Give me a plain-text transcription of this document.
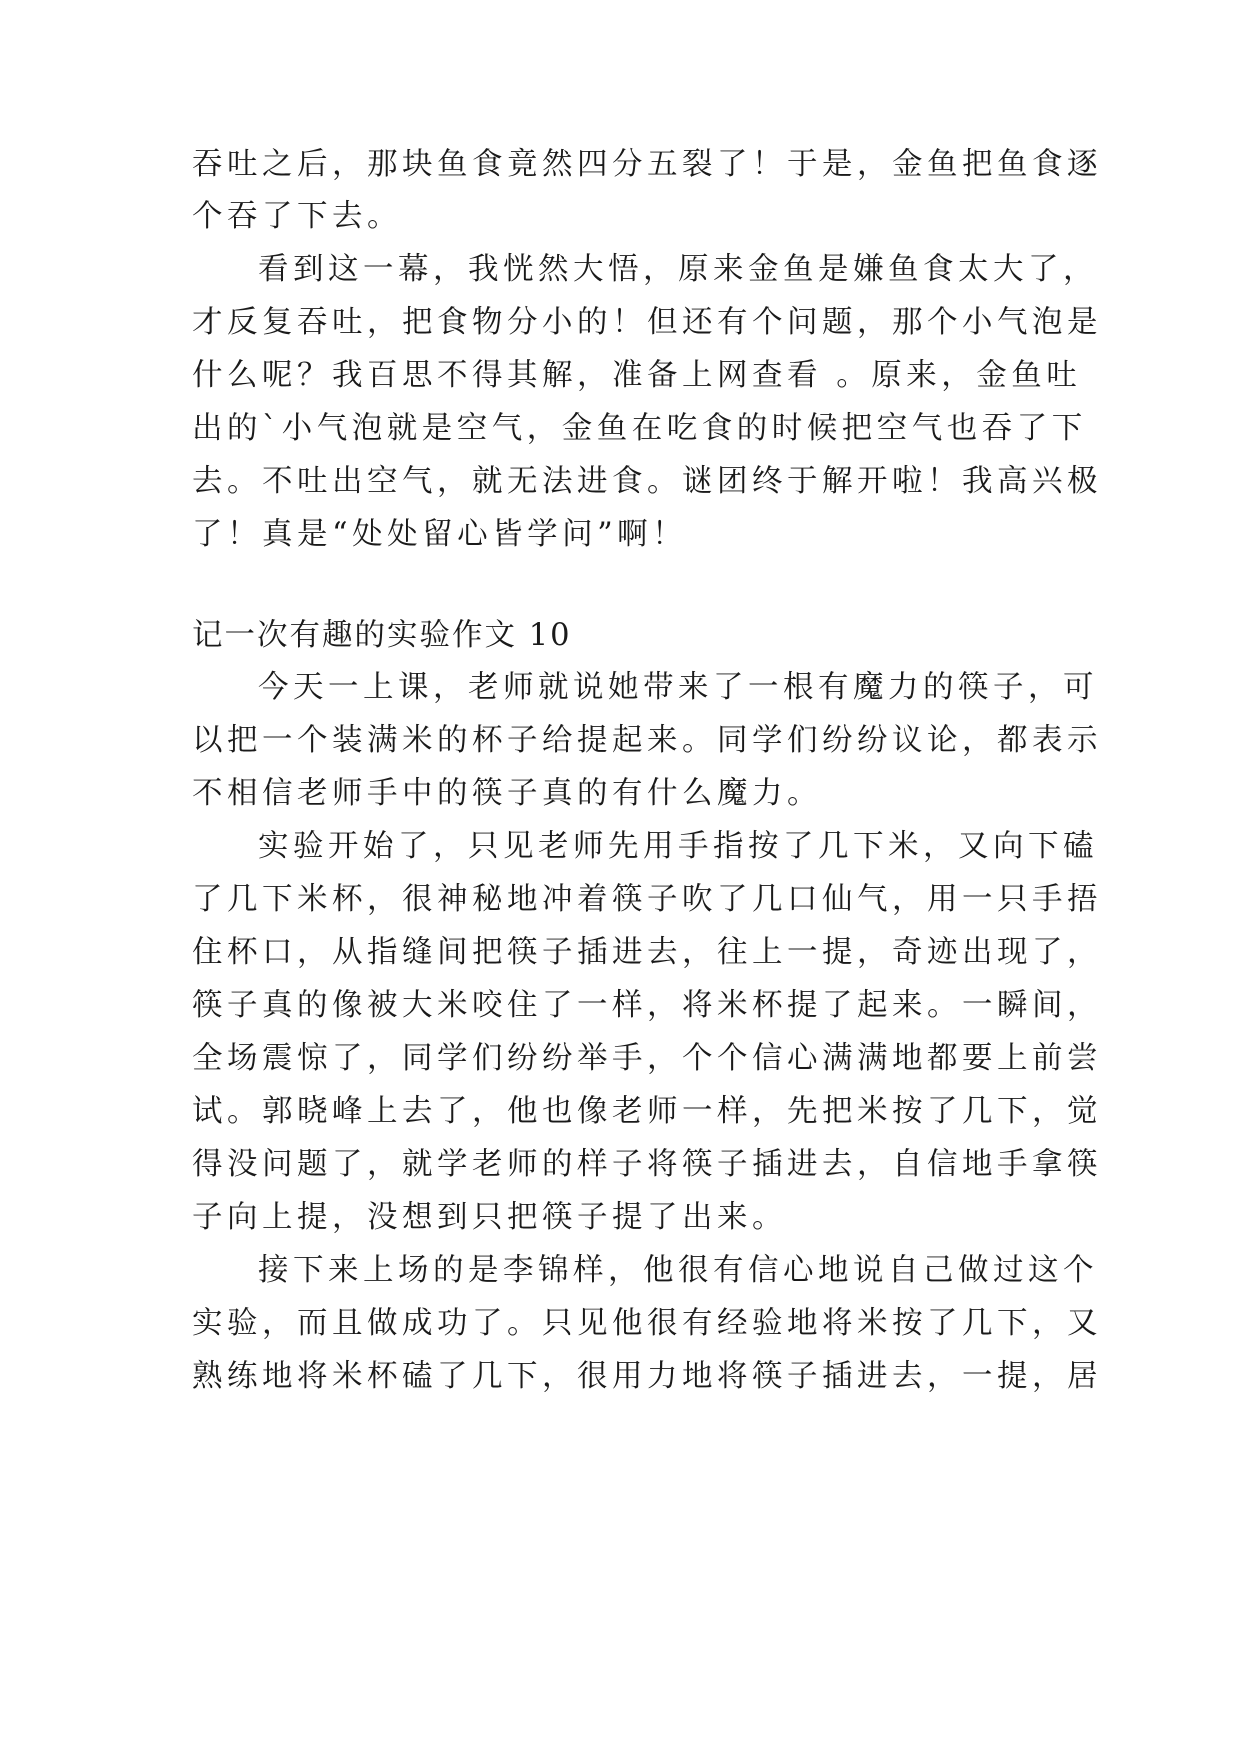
吞吐之后，那块鱼食竟然四分五裂了！于是，金鱼把鱼食逐
个吞了下去。
看到这一幕，我恍然大悟，原来金鱼是嫌鱼食太大了，
才反复吞吐，把食物分小的！但还有个问题，那个小气泡是
什么呢？我百思不得其解，准备上网查看 。原来，金鱼吐
出的`小气泡就是空气，金鱼在吃食的时候把空气也吞了下
去。不吐出空气，就无法进食。谜团终于解开啦！我高兴极
了！真是“处处留心皆学问”啊！
记一次有趣的实验作文 10
今天一上课，老师就说她带来了一根有魔力的筷子，可
以把一个装满米的杯子给提起来。同学们纷纷议论，都表示
不相信老师手中的筷子真的有什么魔力。
实验开始了，只见老师先用手指按了几下米，又向下磕
了几下米杯，很神秘地冲着筷子吹了几口仙气，用一只手捂
住杯口，从指缝间把筷子插进去，往上一提，奇迹出现了，
筷子真的像被大米咬住了一样，将米杯提了起来。一瞬间，
全场震惊了，同学们纷纷举手，个个信心满满地都要上前尝
试。郭晓峰上去了，他也像老师一样，先把米按了几下，觉
得没问题了，就学老师的样子将筷子插进去，自信地手拿筷
子向上提，没想到只把筷子提了出来。
接下来上场的是李锦样，他很有信心地说自己做过这个
实验，而且做成功了。只见他很有经验地将米按了几下，又
熟练地将米杯磕了几下，很用力地将筷子插进去，一提，居
